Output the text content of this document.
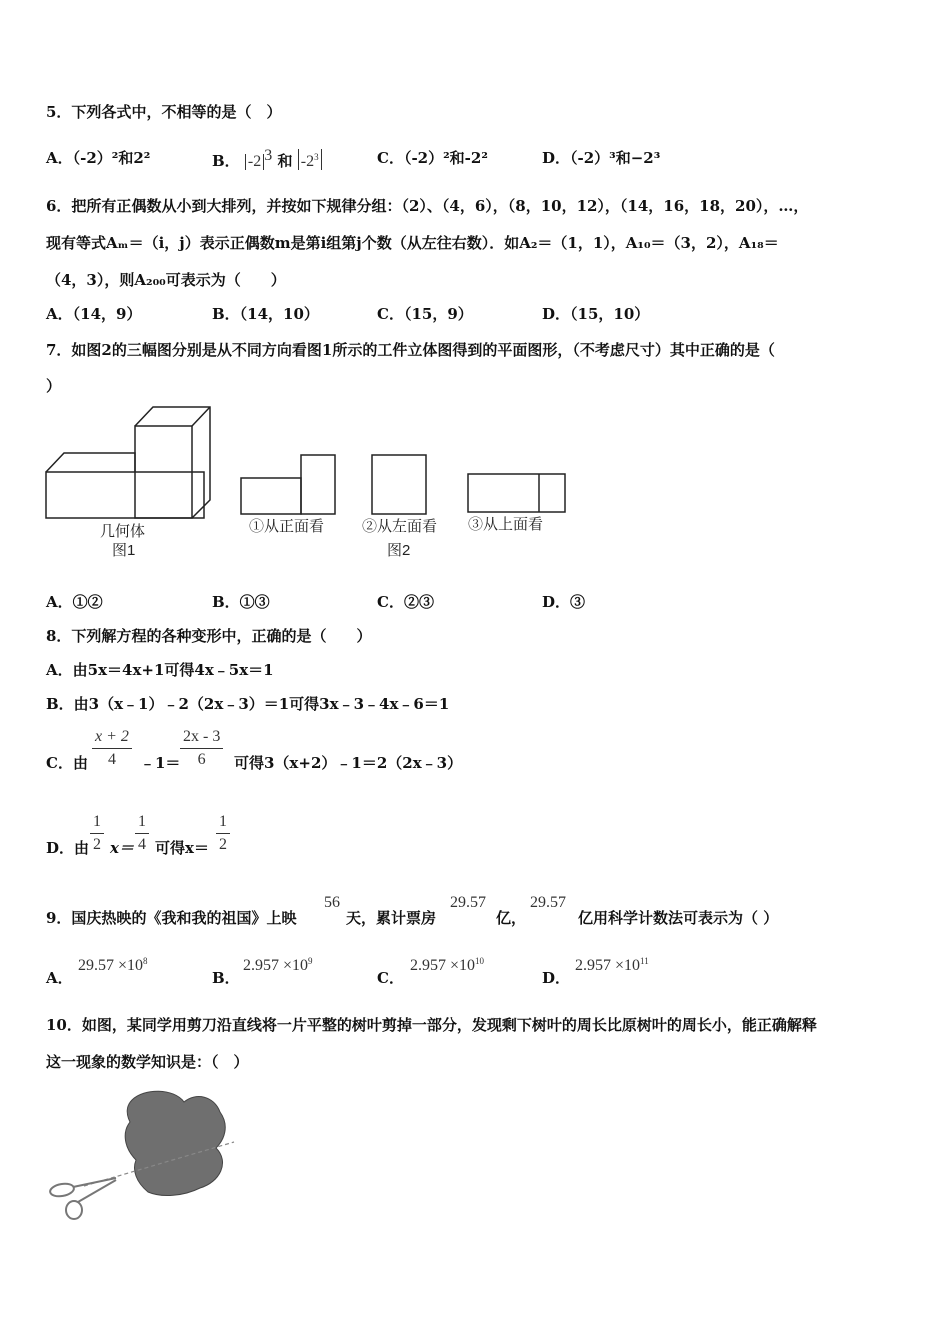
5．下列各式中，不相等的是（　）
A．（-2）²和2²	B． -2 3 和 $-2^3$	C．（-2）²和-2²	D．（-2）³和−2³
6．把所有正偶数从小到大排列，并按如下规律分组：（2）、（4，6），（8，10，12），（14，16，18，20），…，
现有等式Aₘ＝（i，j）表示正偶数m是第i组第j个数（从左往右数）．如A₂＝（1，1），A₁₀＝（3，2），A₁₈＝
（4，3），则A₂₀₀可表示为（　　）
A．（14，9）	B．（14，10）	C．（15，9）	D．（15，10）
7．如图2的三幅图分别是从不同方向看图1所示的工件立体图得到的平面图形，（不考虑尺寸）其中正确的是（
）
几何体
图1
①从正面看	②从左面看 ③从上面看
图2
A．①②	B．①③	C．②③	D．③
8．下列解方程的各种变形中，正确的是（　　）
A．由5x＝4x+1可得4x﹣5x＝1
B．由3（x﹣1）﹣2（2x﹣3）＝1可得3x﹣3﹣4x﹣6＝1
C．由
x + 2
4	﹣1＝
2x - 3
6	可得3（x+2）﹣1＝2（2x﹣3）
D．由
1
2 x＝
1
4 可得x＝
1
2
9．国庆热映的《我和我的祖国》上映
56
天，累计票房
29.57
亿，
29.57
亿用科学计数法可表示为（ ）
A．
$29.57 \times 10^8$
B．
$2.957 \times 10^9$
C．
$2.957 \times 10^{10}$
D．
$2.957 \times 10^{11}$
10．如图，某同学用剪刀沿直线将一片平整的树叶剪掉一部分，发现剩下树叶的周长比原树叶的周长小，能正确解释
这一现象的数学知识是：（　）
